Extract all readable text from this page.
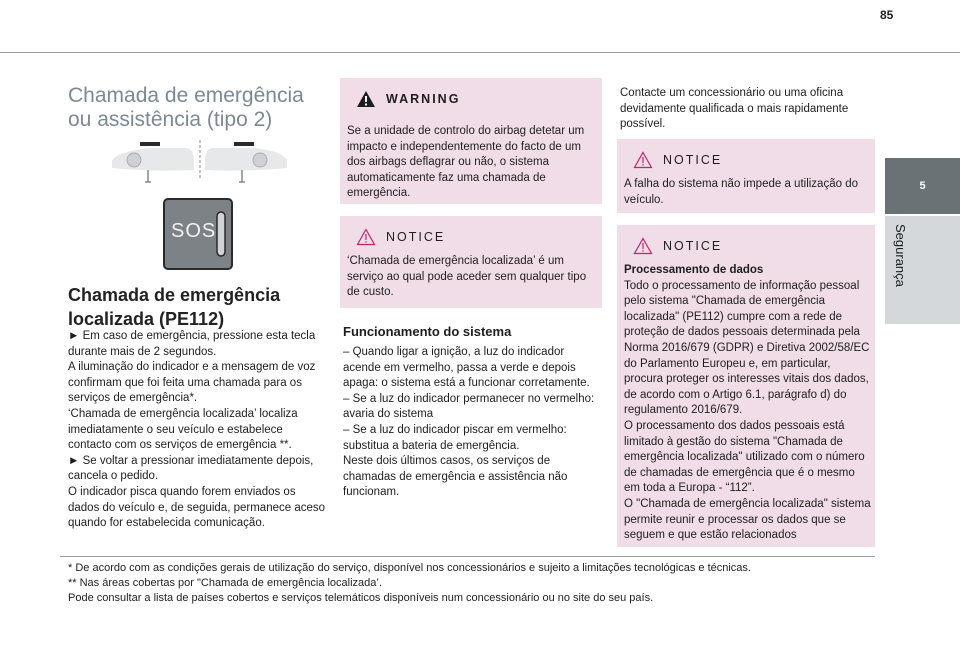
85
5
Segurança
Chamada de emergência ou assistência (tipo 2)
SOS
Chamada de emergência localizada (PE112)

► Em caso de emergência, pressione esta tecla durante mais de 2 segundos.

A iluminação do indicador e a mensagem de voz confirmam que foi feita uma chamada para os serviços de emergência*.

‘Chamada de emergência localizada’ localiza imediatamente o seu veículo e estabelece contacto com os serviços de emergência **.

► Se voltar a pressionar imediatamente depois, cancela o pedido.

O indicador pisca quando forem enviados os dados do veículo e, de seguida, permanece aceso quando for estabelecida comunicação.

WARNING
Se a unidade de controlo do airbag detetar um impacto e independentemente do facto de um dos airbags deflagrar ou não, o sistema automaticamente faz uma chamada de emergência.
NOTICE
‘Chamada de emergência localizada’ é um serviço ao qual pode aceder sem qualquer tipo de custo.
Funcionamento do sistema

– Quando ligar a ignição, a luz do indicador acende em vermelho, passa a verde e depois apaga: o sistema está a funcionar corretamente.

– Se a luz do indicador permanecer no vermelho: avaria do sistema

– Se a luz do indicador piscar em vermelho: substitua a bateria de emergência.

Neste dois últimos casos, os serviços de chamadas de emergência e assistência não funcionam.

Contacte um concessionário ou uma oficina devidamente qualificada o mais rapidamente possível.
NOTICE
A falha do sistema não impede a utilização do veículo.
NOTICE
Processamento de dados
Todo o processamento de informação pessoal pelo sistema "Chamada de emergência localizada" (PE112) cumpre com a rede de proteção de dados pessoais determinada pela Norma 2016/679 (GDPR) e Diretiva 2002/58/EC do Parlamento Europeu e, em particular, procura proteger os interesses vitais dos dados, de acordo com o Artigo 6.1, parágrafo d) do regulamento 2016/679.
O processamento dos dados pessoais está limitado à gestão do sistema "Chamada de emergência localizada" utilizado com o número de chamadas de emergência que é o mesmo em toda a Europa - “112”.
O "Chamada de emergência localizada" sistema permite reunir e processar os dados que se seguem e que estão relacionados
* De acordo com as condições gerais de utilização do serviço, disponível nos concessionários e sujeito a limitações tecnológicas e técnicas.
** Nas áreas cobertas por "Chamada de emergência localizada’.
Pode consultar a lista de países cobertos e serviços telemáticos disponíveis num concessionário ou no site do seu país.
